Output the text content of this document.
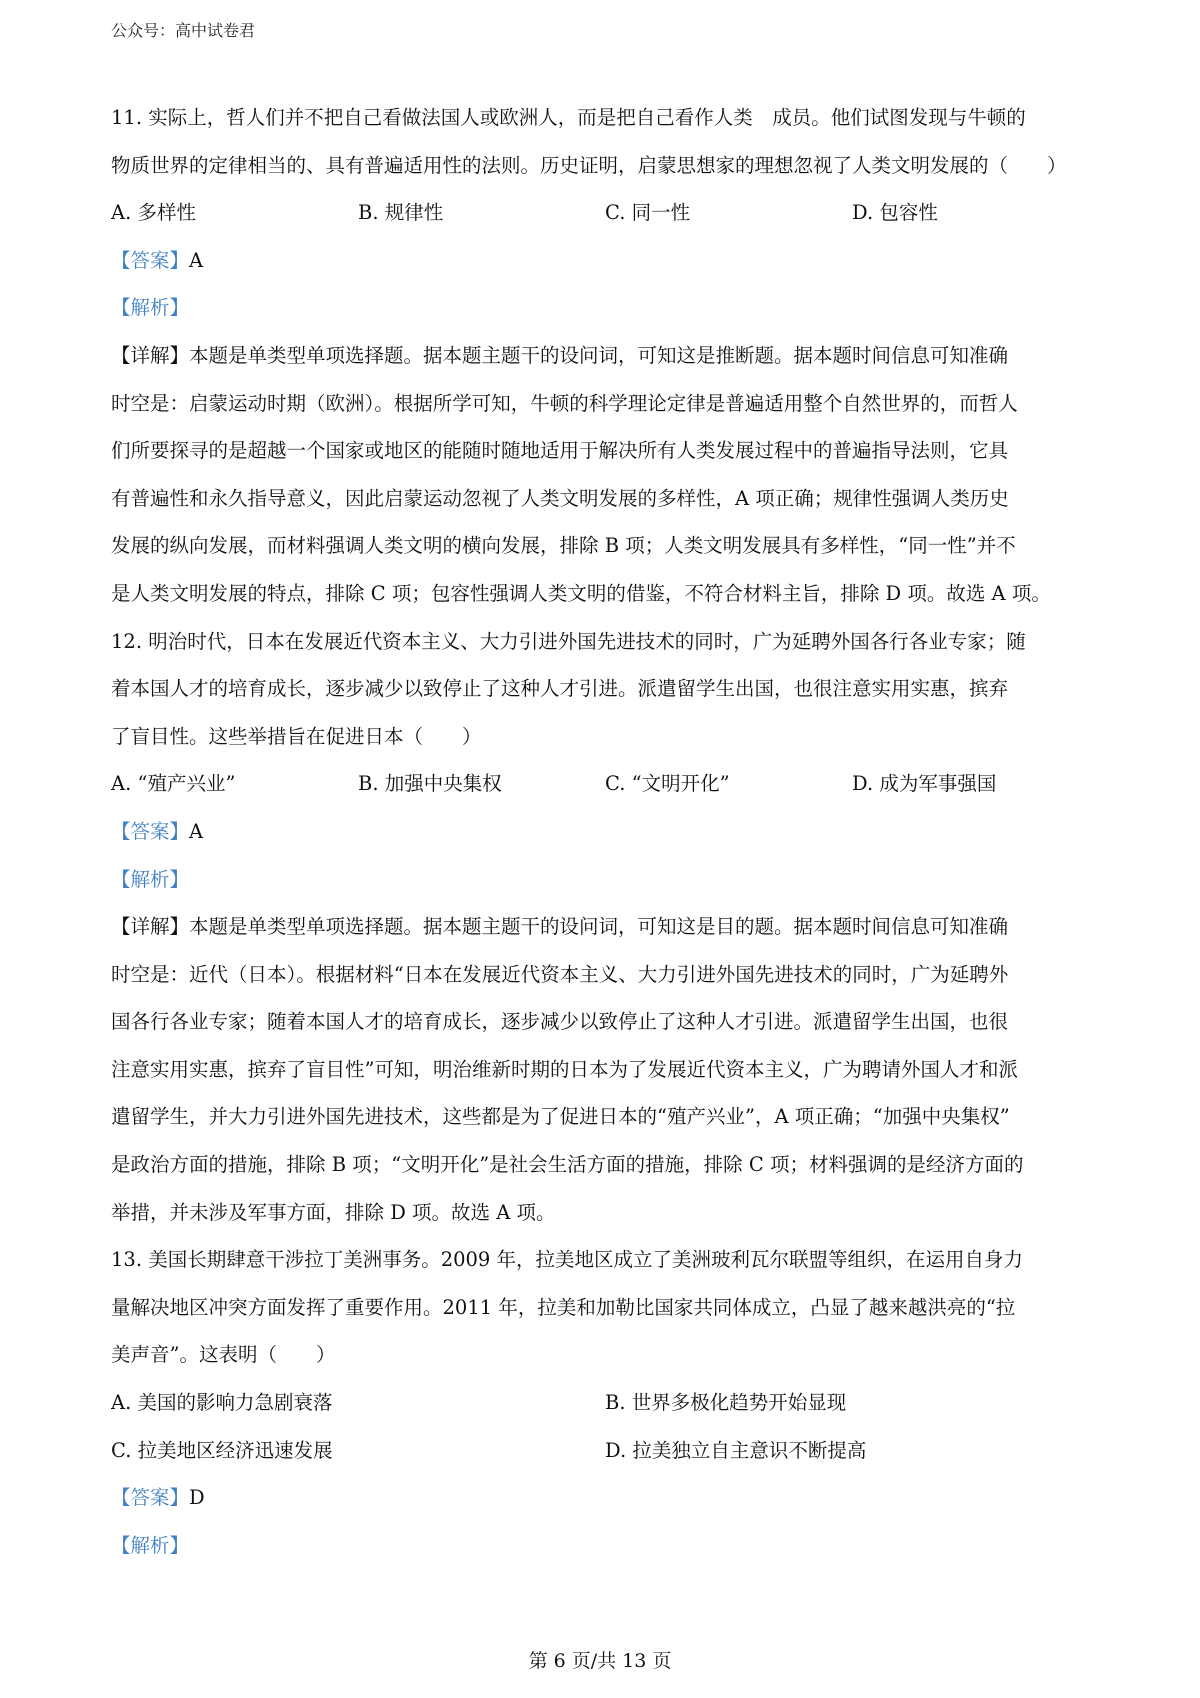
公众号：高中试卷君
11. 实际上，哲人们并不把自己看做法国人或欧洲人，而是把自己看作人类　成员。他们试图发现与牛顿的
物质世界的定律相当的、具有普遍适用性的法则。历史证明，启蒙思想家的理想忽视了人类文明发展的（　　）
A. 多样性	B. 规律性	C. 同一性	D. 包容性
【答案】A
【解析】
【详解】本题是单类型单项选择题。据本题主题干的设问词，可知这是推断题。据本题时间信息可知准确
时空是：启蒙运动时期（欧洲）。根据所学可知，牛顿的科学理论定律是普遍适用整个自然世界的，而哲人
们所要探寻的是超越一个国家或地区的能随时随地适用于解决所有人类发展过程中的普遍指导法则，它具
有普遍性和永久指导意义，因此启蒙运动忽视了人类文明发展的多样性，A 项正确；规律性强调人类历史
发展的纵向发展，而材料强调人类文明的横向发展，排除 B 项；人类文明发展具有多样性，“同一性”并不
是人类文明发展的特点，排除 C 项；包容性强调人类文明的借鉴，不符合材料主旨，排除 D 项。故选 A 项。
12. 明治时代，日本在发展近代资本主义、大力引进外国先进技术的同时，广为延聘外国各行各业专家；随
着本国人才的培育成长，逐步减少以致停止了这种人才引进。派遣留学生出国，也很注意实用实惠，摈弃
了盲目性。这些举措旨在促进日本（　　）
A. “殖产兴业”	B. 加强中央集权	C. “文明开化”	D. 成为军事强国
【答案】A
【解析】
【详解】本题是单类型单项选择题。据本题主题干的设问词，可知这是目的题。据本题时间信息可知准确
时空是：近代（日本）。根据材料“日本在发展近代资本主义、大力引进外国先进技术的同时，广为延聘外
国各行各业专家；随着本国人才的培育成长，逐步减少以致停止了这种人才引进。派遣留学生出国，也很
注意实用实惠，摈弃了盲目性”可知，明治维新时期的日本为了发展近代资本主义，广为聘请外国人才和派
遣留学生，并大力引进外国先进技术，这些都是为了促进日本的“殖产兴业”，A 项正确；“加强中央集权”
是政治方面的措施，排除 B 项；“文明开化”是社会生活方面的措施，排除 C 项；材料强调的是经济方面的
举措，并未涉及军事方面，排除 D 项。故选 A 项。
13. 美国长期肆意干涉拉丁美洲事务。2009 年，拉美地区成立了美洲玻利瓦尔联盟等组织，在运用自身力
量解决地区冲突方面发挥了重要作用。2011 年，拉美和加勒比国家共同体成立，凸显了越来越洪亮的“拉
美声音”。这表明（　　）
A. 美国的影响力急剧衰落	B. 世界多极化趋势开始显现
C. 拉美地区经济迅速发展	D. 拉美独立自主意识不断提高
【答案】D
【解析】
第 6 页/共 13 页
